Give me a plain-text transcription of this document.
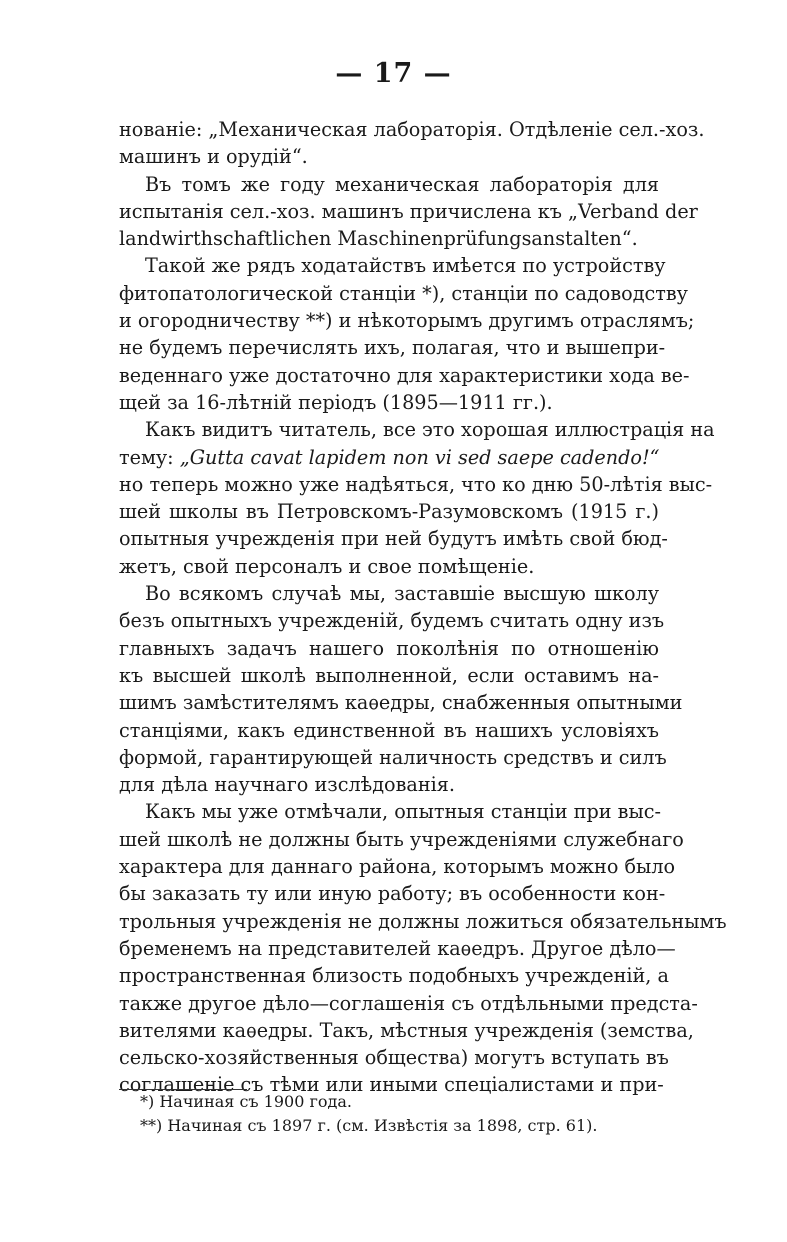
— 17 —
нованіе: „Механическая лабораторія. Отдѣленіе сел.-хоз.
машинъ и орудій“.
Въ томъ же году механическая лабораторія для
испытанія сел.-хоз. машинъ причислена къ „Verband der
landwirthschaftlichen Maschinenprüfungsanstalten“.
Такой же рядъ ходатайствъ имѣется по устройству
фитопатологической станціи *), станціи по садоводству
и огородничеству **) и нѣкоторымъ другимъ отраслямъ;
не будемъ перечислять ихъ, полагая, что и вышепри-
веденнаго уже достаточно для характеристики хода ве-
щей за 16-лѣтній періодъ (1895—1911 гг.).
Какъ видитъ читатель, все это хорошая иллюстрація на
тему: „Gutta cavat lapidem non vi sed saepe cadendo!“
но теперь можно уже надѣяться, что ко дню 50-лѣтія выс-
шей школы въ Петровскомъ-Разумовскомъ (1915 г.)
опытныя учрежденія при ней будутъ имѣть свой бюд-
жетъ, свой персоналъ и свое помѣщеніе.
Во всякомъ случаѣ мы, заставшіе высшую школу
безъ опытныхъ учрежденій, будемъ считать одну изъ
главныхъ задачъ нашего поколѣнія по отношенію
къ высшей школѣ выполненной, если оставимъ на-
шимъ замѣстителямъ каѳедры, снабженныя опытными
станціями, какъ единственной въ нашихъ условіяхъ
формой, гарантирующей наличность средствъ и силъ
для дѣла научнаго изслѣдованія.
Какъ мы уже отмѣчали, опытныя станціи при выс-
шей школѣ не должны быть учрежденіями служебнаго
характера для даннаго района, которымъ можно было
бы заказать ту или иную работу; въ особенности кон-
трольныя учрежденія не должны ложиться обязательнымъ
бременемъ на представителей каѳедръ. Другое дѣло—
пространственная близость подобныхъ учрежденій, а
также другое дѣло—соглашенія съ отдѣльными предста-
вителями каѳедры. Такъ, мѣстныя учрежденія (земства,
сельско-хозяйственныя общества) могутъ вступать въ
соглашеніе съ тѣми или иными спеціалистами и при-
*) Начиная съ 1900 года.
**) Начиная съ 1897 г. (см. Извѣстія за 1898, стр. 61).
